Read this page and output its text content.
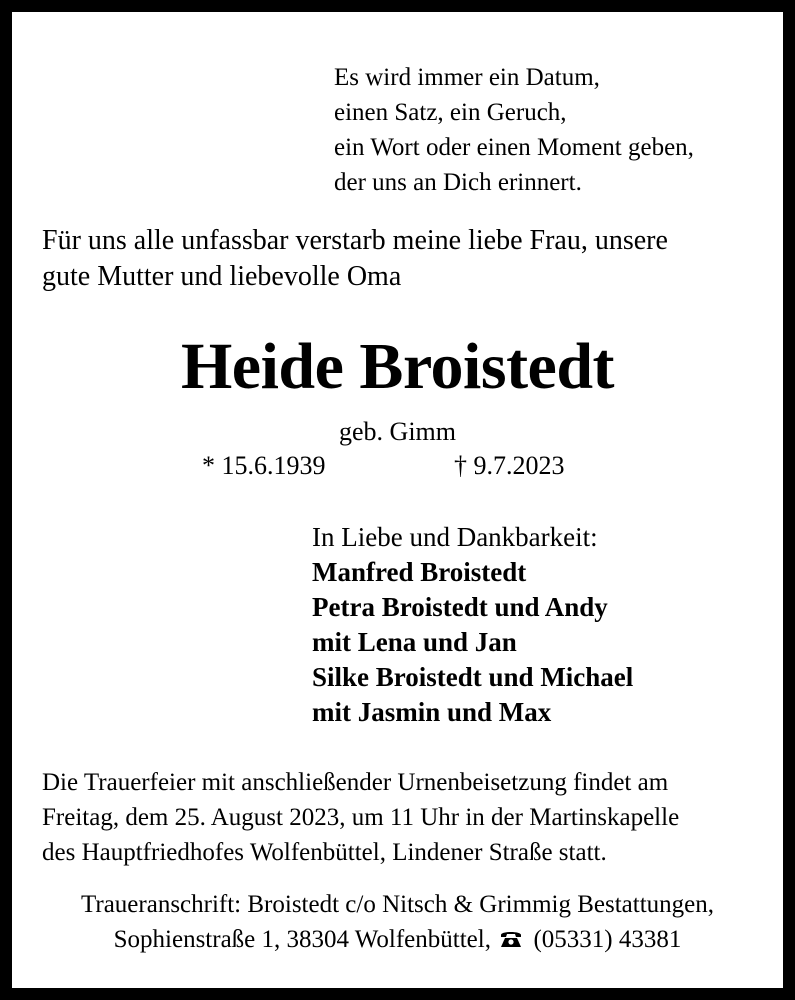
Es wird immer ein Datum,
einen Satz, ein Geruch,
ein Wort oder einen Moment geben,
der uns an Dich erinnert.
Für uns alle unfassbar verstarb meine liebe Frau, unsere
gute Mutter und liebevolle Oma
Heide Broistedt
geb. Gimm
* 15.6.1939	† 9.7.2023
In Liebe und Dankbarkeit:
Manfred Broistedt
Petra Broistedt und Andy
mit Lena und Jan
Silke Broistedt und Michael
mit Jasmin und Max
Die Trauerfeier mit anschließender Urnenbeisetzung findet am
Freitag, dem 25. August 2023, um 11 Uhr in der Martinskapelle
des Hauptfriedhofes Wolfenbüttel, Lindener Straße statt.
Traueranschrift: Broistedt c/o Nitsch & Grimmig Bestattungen,
Sophienstraße 1, 38304 Wolfenbüttel, (05331) 43381
